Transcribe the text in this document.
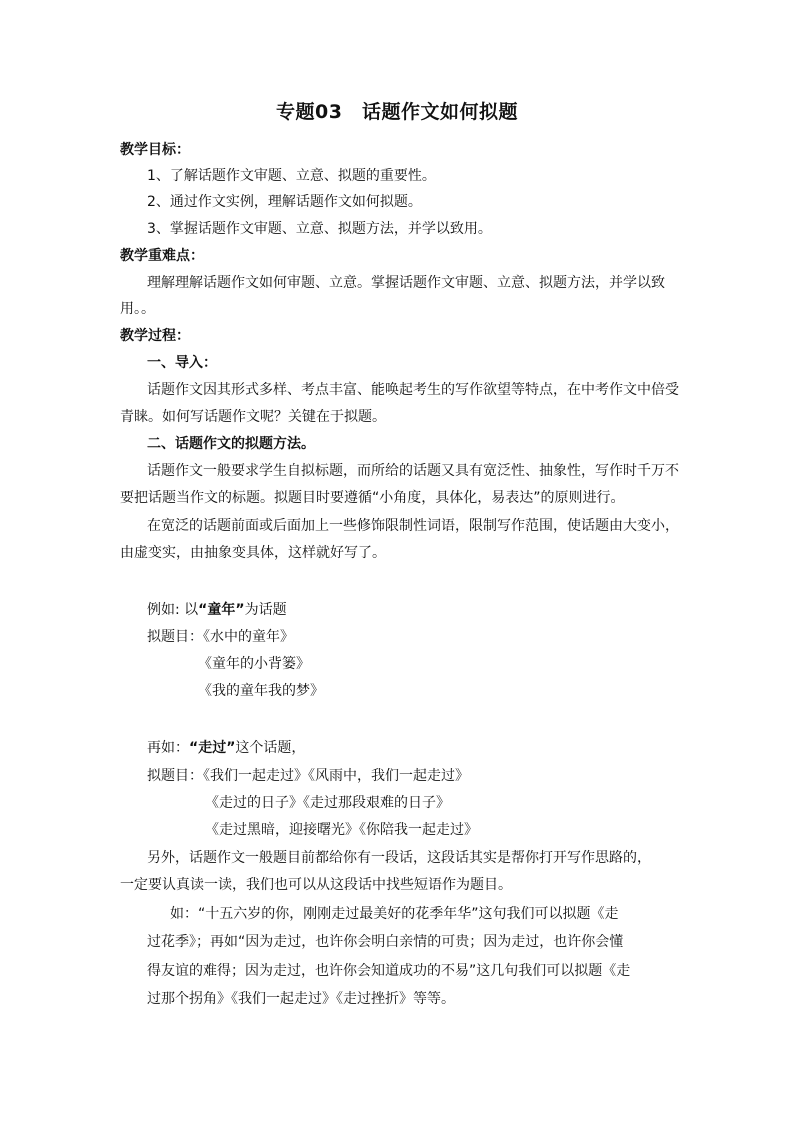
专题03　话题作文如何拟题
教学目标：
1、了解话题作文审题、立意、拟题的重要性。
2、通过作文实例，理解话题作文如何拟题。
3、掌握话题作文审题、立意、拟题方法，并学以致用。
教学重难点：
理解理解话题作文如何审题、立意。掌握话题作文审题、立意、拟题方法，并学以致
用。。
教学过程：
一、导入：
话题作文因其形式多样、考点丰富、能唤起考生的写作欲望等特点，在中考作文中倍受
青睐。如何写话题作文呢？关键在于拟题。
二、话题作文的拟题方法。
话题作文一般要求学生自拟标题，而所给的话题又具有宽泛性、抽象性，写作时千万不
要把话题当作文的标题。拟题目时要遵循“小角度，具体化，易表达”的原则进行。
在宽泛的话题前面或后面加上一些修饰限制性词语，限制写作范围，使话题由大变小，
由虚变实，由抽象变具体，这样就好写了。
例如: 以“童年”为话题
拟题目：《水中的童年》
《童年的小背篓》
《我的童年我的梦》
再如：“走过”这个话题，
拟题目：《我们一起走过》《风雨中，我们一起走过》
《走过的日子》《走过那段艰难的日子》
《走过黑暗，迎接曙光》《你陪我一起走过》
另外，话题作文一般题目前都给你有一段话，这段话其实是帮你打开写作思路的，
一定要认真读一读，我们也可以从这段话中找些短语作为题目。
如：“十五六岁的你，刚刚走过最美好的花季年华”这句我们可以拟题《走
过花季》；再如“因为走过，也许你会明白亲情的可贵；因为走过，也许你会懂
得友谊的难得；因为走过，也许你会知道成功的不易”这几句我们可以拟题《走
过那个拐角》《我们一起走过》《走过挫折》等等。
